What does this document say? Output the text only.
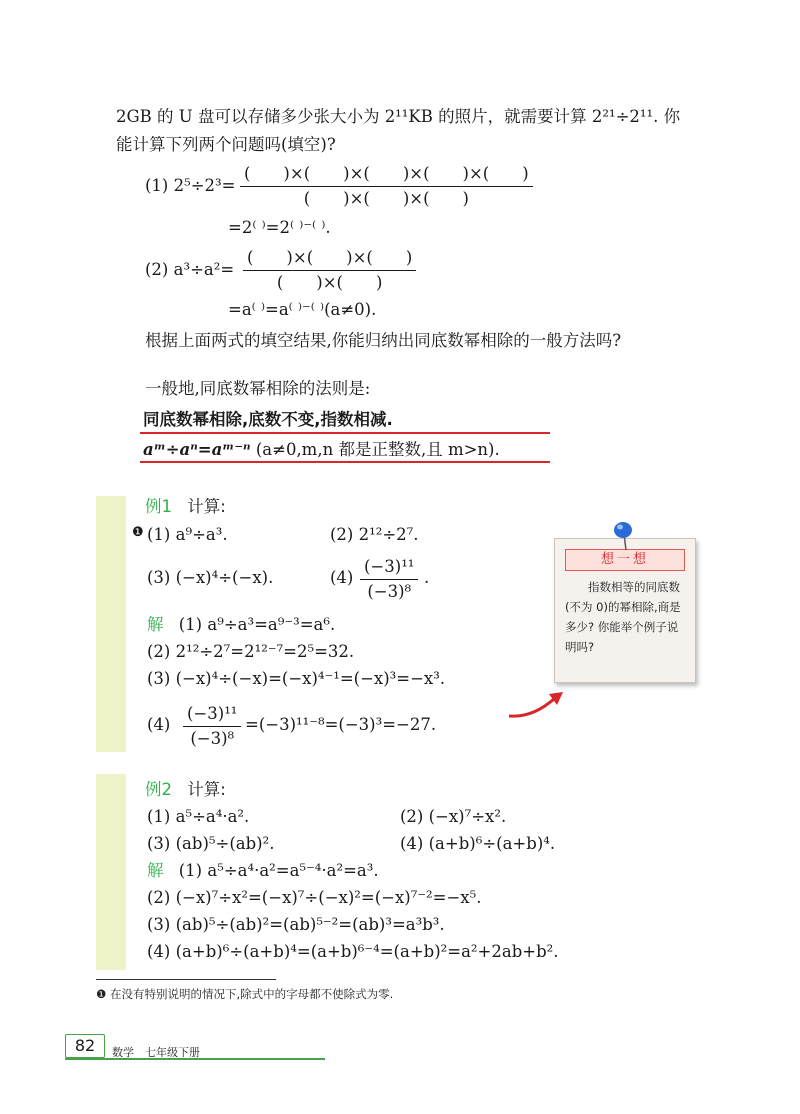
2GB 的 U 盘可以存储多少张大小为 2¹¹KB 的照片，就需要计算 2²¹÷2¹¹. 你
能计算下列两个问题吗(填空)?
(1) 2⁵÷2³=
(　　)×(　　)×(　　)×(　　)×(　　)
(　　)×(　　)×(　　)
=2⁽ ⁾=2⁽ ⁾⁻⁽ ⁾.
(2) a³÷a²=
(　　)×(　　)×(　　)
(　　)×(　　)
=a⁽ ⁾=a⁽ ⁾⁻⁽ ⁾(a≠0).
根据上面两式的填空结果,你能归纳出同底数幂相除的一般方法吗?
一般地,同底数幂相除的法则是:
同底数幂相除,底数不变,指数相减.
aᵐ÷aⁿ=aᵐ⁻ⁿ (a≠0,m,n 都是正整数,且 m>n).
例1 计算:
❶ (1) a⁹÷a³.	(2) 2¹²÷2⁷.
(3) (−x)⁴÷(−x).	$(4) \frac{\text{(−3)¹¹}}{\text{(−3)⁸}}$ .
解 (1) a⁹÷a³=a⁹⁻³=a⁶.
(2) 2¹²÷2⁷=2¹²⁻⁷=2⁵=32.
(3) (−x)⁴÷(−x)=(−x)⁴⁻¹=(−x)³=−x³.
$(4) \frac{\text{(−3)¹¹}}{\text{(−3)⁸}} =(-3)^{11-8}=(-3)^3=-27$.
想一想
指数相等的同底数(不为 0)的幂相除,商是多少? 你能举个例子说明吗?
例2 计算:
(1) a⁵÷a⁴·a².	(2) (−x)⁷÷x².
(3) (ab)⁵÷(ab)².	(4) (a+b)⁶÷(a+b)⁴.
解 (1) a⁵÷a⁴·a²=a⁵⁻⁴·a²=a³.
(2) (−x)⁷÷x²=(−x)⁷÷(−x)²=(−x)⁷⁻²=−x⁵.
(3) (ab)⁵÷(ab)²=(ab)⁵⁻²=(ab)³=a³b³.
(4) (a+b)⁶÷(a+b)⁴=(a+b)⁶⁻⁴=(a+b)²=a²+2ab+b².
❶ 在没有特别说明的情况下,除式中的字母都不使除式为零.
82	数学　七年级下册
